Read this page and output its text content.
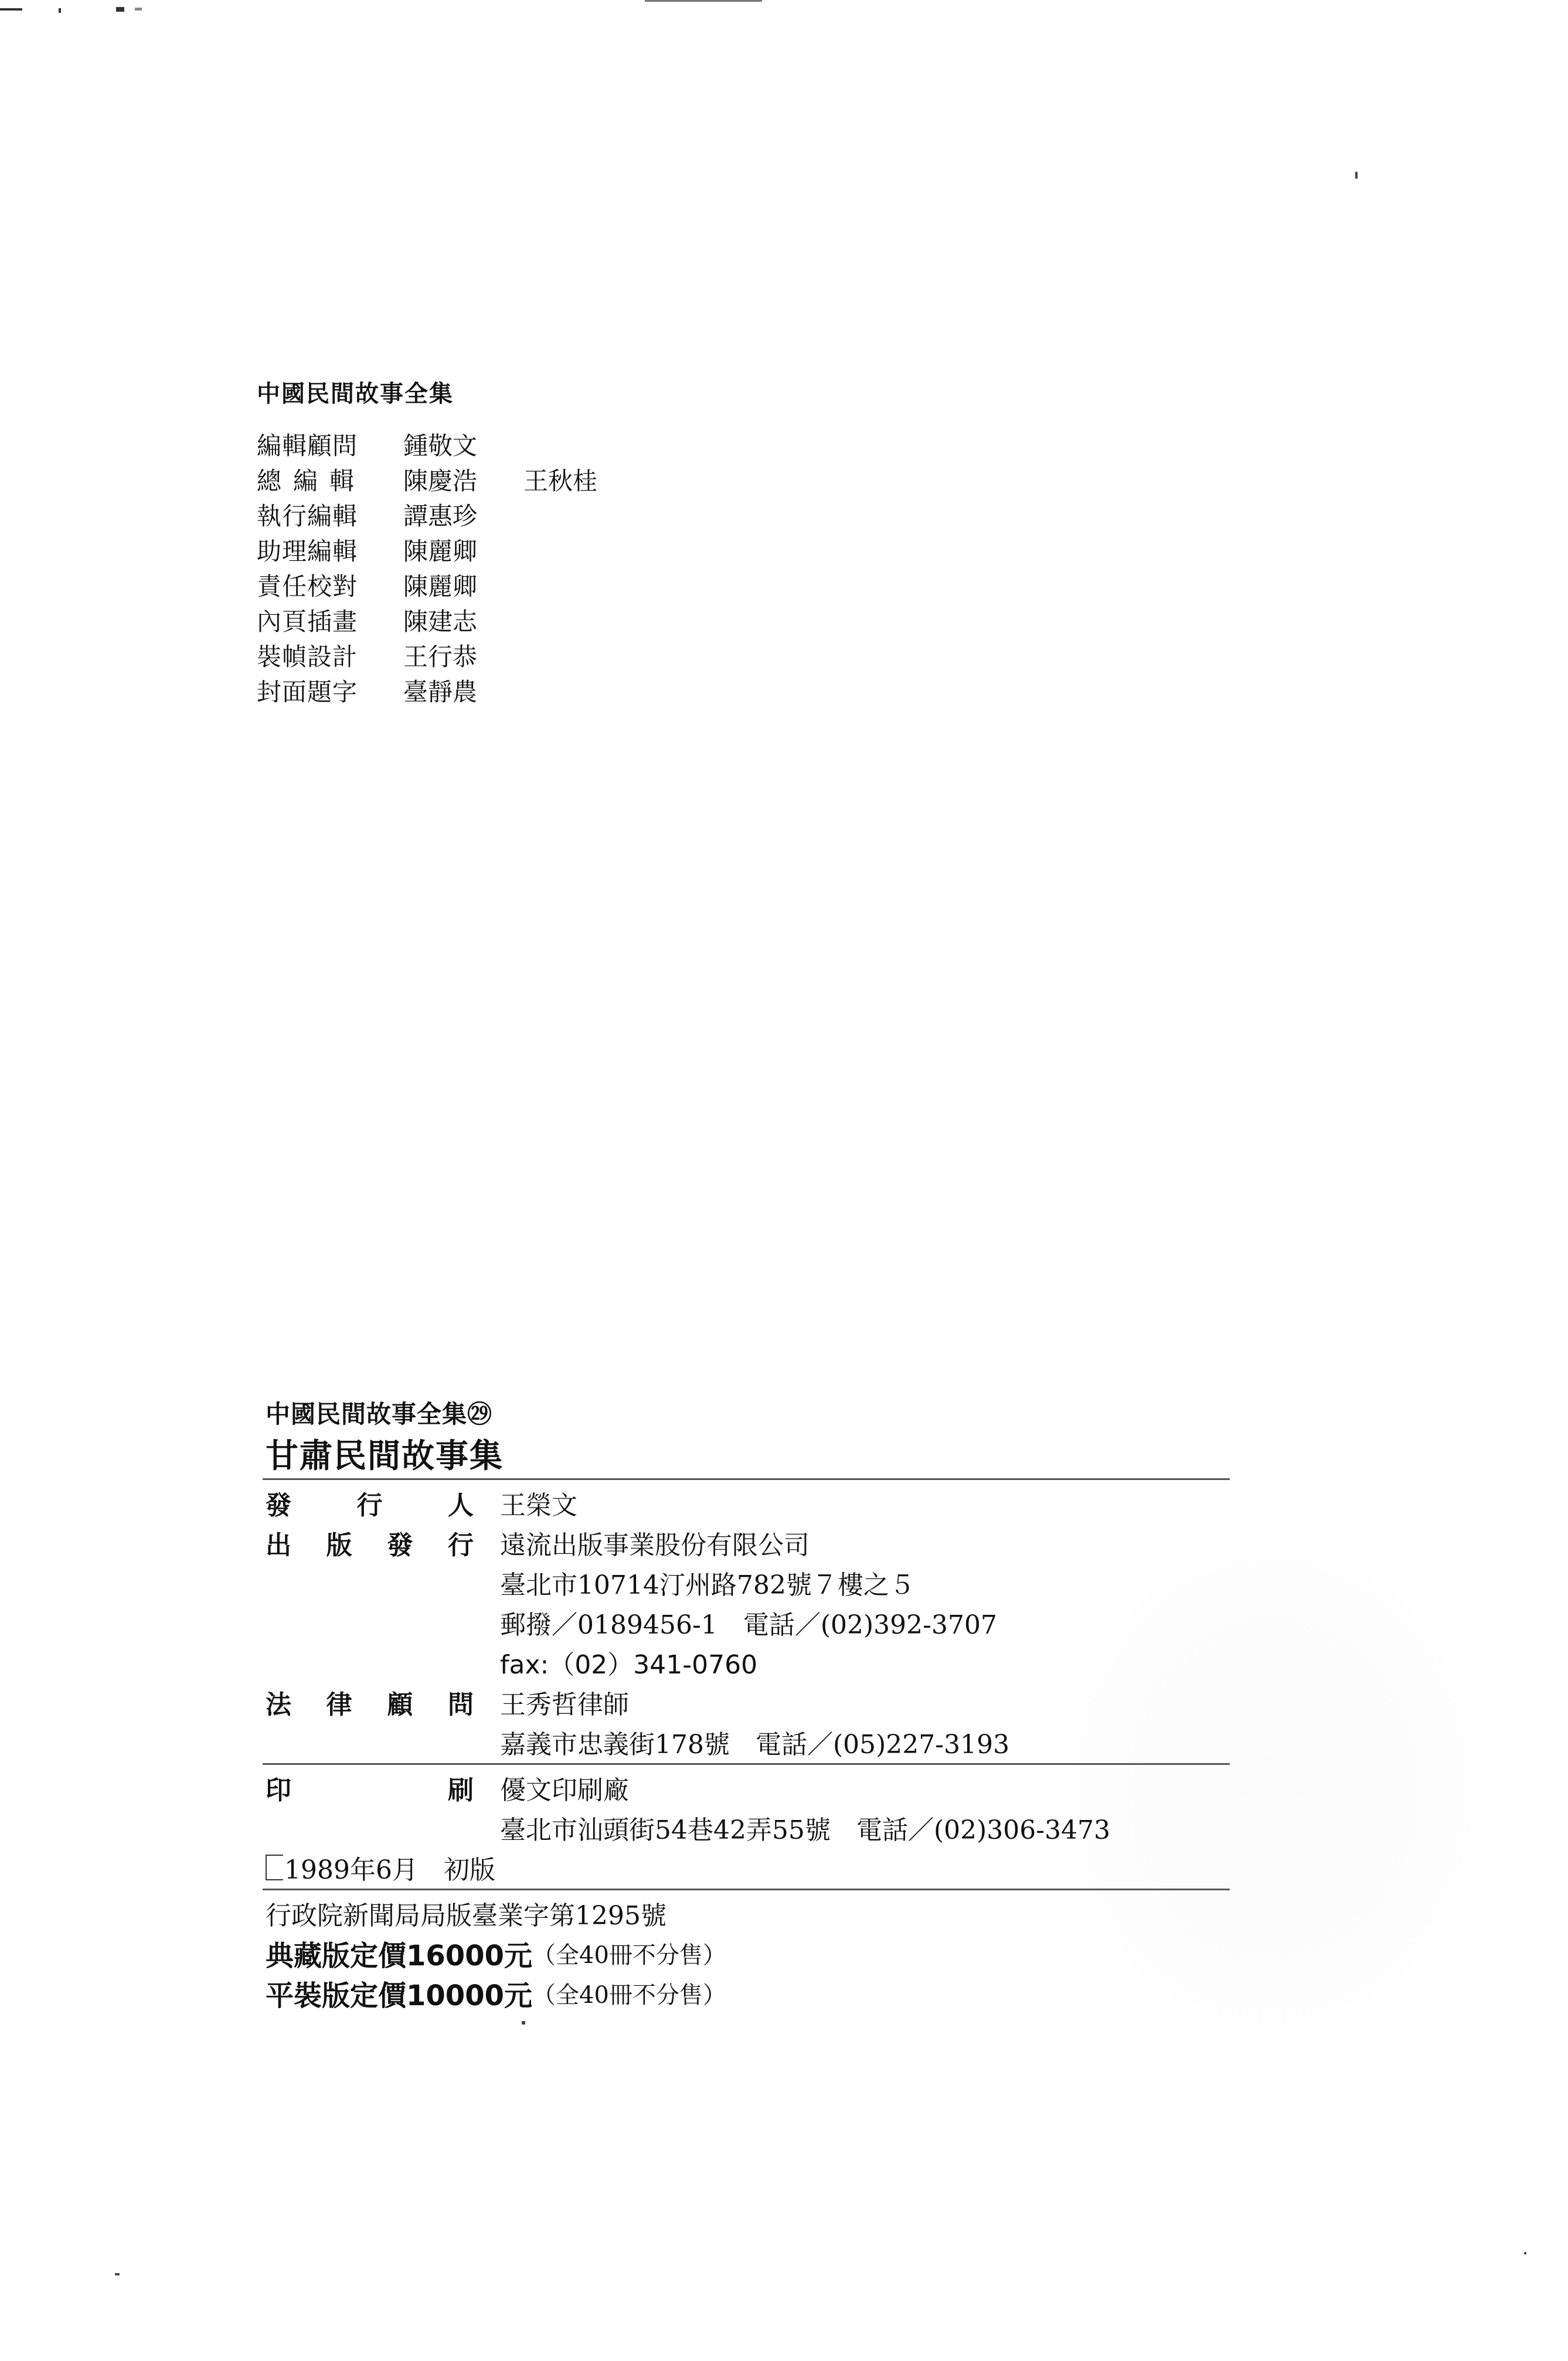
中國民間故事全集
編輯顧問	鍾敬文
總編輯	陳慶浩	王秋桂
執行編輯	譚惠珍
助理編輯	陳麗卿
責任校對	陳麗卿
內頁插畫	陳建志
裝幀設計	王行恭
封面題字	臺靜農
中國民間故事全集㉙
甘肅民間故事集
發	行	人 王榮文
出 版 發 行 遠流出版事業股份有限公司
臺北市10714汀州路782號７樓之５
郵撥／0189456-1　電話／(02)392-3707
fax:（02）341-0760
法 律 顧 問 王秀哲律師
嘉義市忠義街178號　電話／(05)227-3193
印	刷 優文印刷廠
臺北市汕頭街54巷42弄55號　電話／(02)306-3473
1989年6月　初版
行政院新聞局局版臺業字第1295號
典藏版定價16000元 （全40冊不分售）
平裝版定價10000元 （全40冊不分售）
